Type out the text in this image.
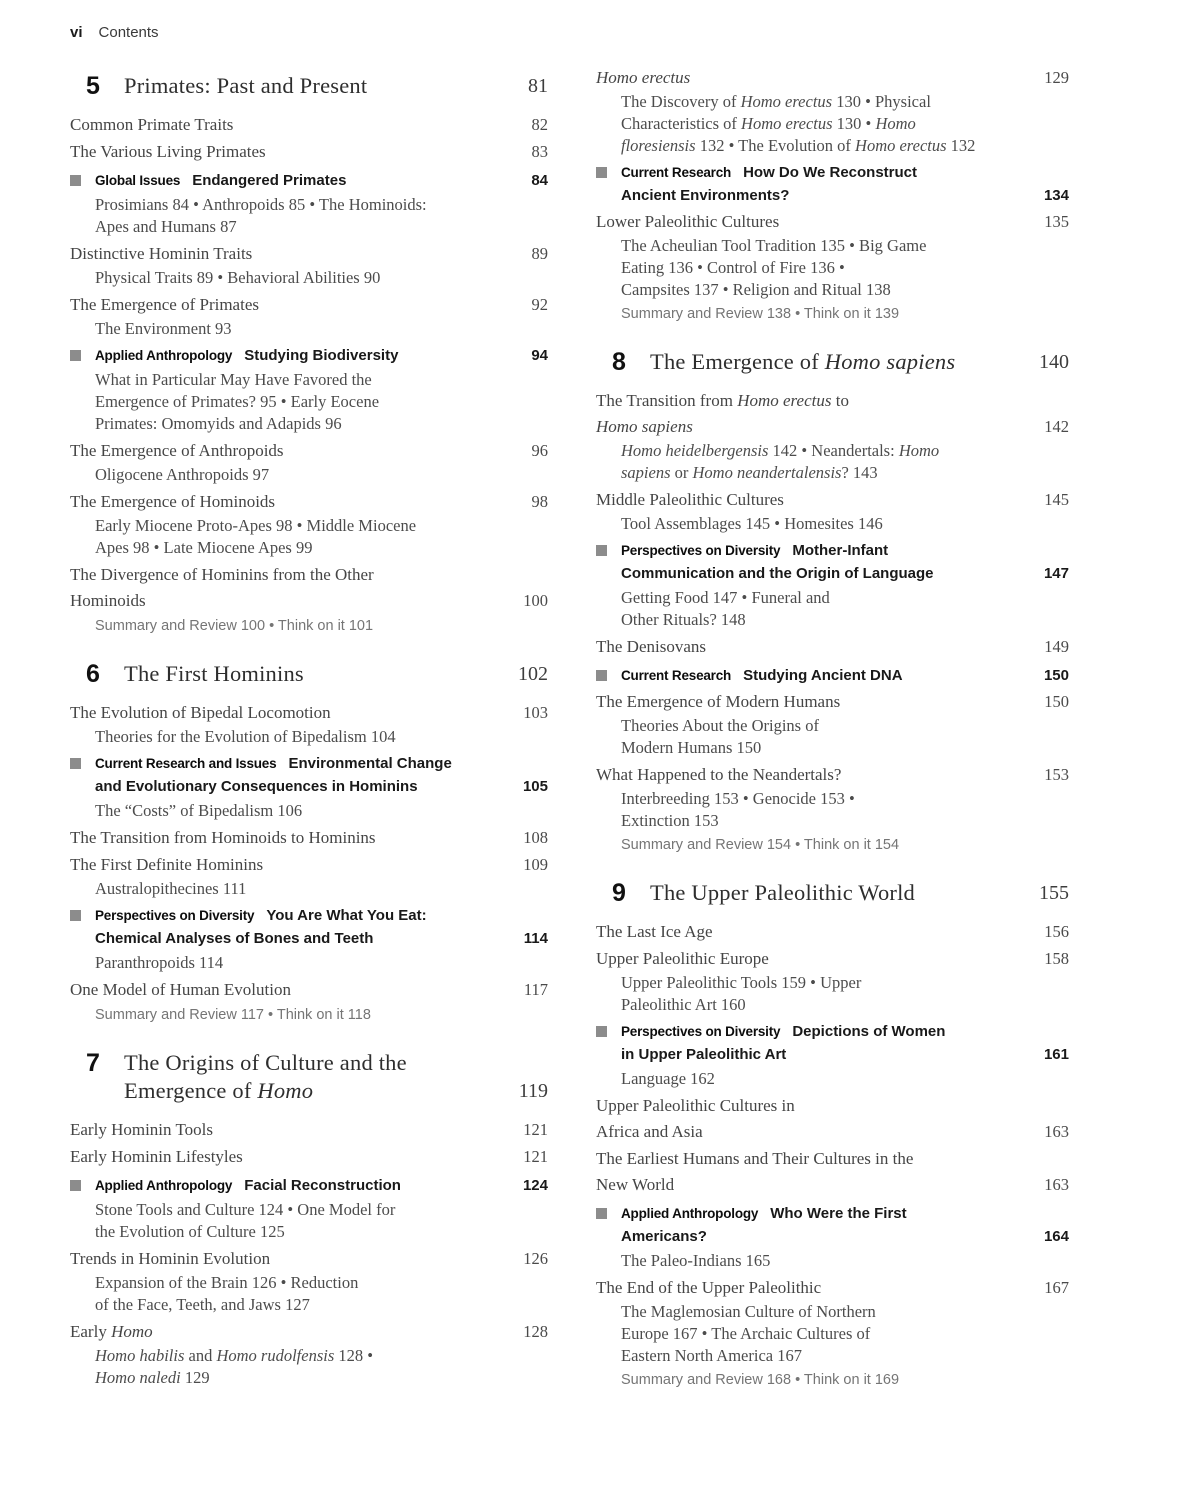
vi Contents
5	Primates: Past and Present	81
Common Primate Traits	82
The Various Living Primates	83
Global Issues Endangered Primates	84
Prosimians 84 • Anthropoids 85 • The Hominoids:
Apes and Humans 87
Distinctive Hominin Traits	89
Physical Traits 89 • Behavioral Abilities 90
The Emergence of Primates	92
The Environment 93
Applied Anthropology Studying Biodiversity	94
What in Particular May Have Favored the
Emergence of Primates? 95 • Early Eocene
Primates: Omomyids and Adapids 96
The Emergence of Anthropoids	96
Oligocene Anthropoids 97
The Emergence of Hominoids	98
Early Miocene Proto-Apes 98 • Middle Miocene
Apes 98 • Late Miocene Apes 99
The Divergence of Hominins from the Other
Hominoids	100
Summary and Review 100 • Think on it 101
6	The First Hominins	102
The Evolution of Bipedal Locomotion	103
Theories for the Evolution of Bipedalism 104
Current Research and Issues Environmental Change
and Evolutionary Consequences in Hominins	105
The “Costs” of Bipedalism 106
The Transition from Hominoids to Hominins	108
The First Definite Hominins	109
Australopithecines 111
Perspectives on Diversity You Are What You Eat:
Chemical Analyses of Bones and Teeth	114
Paranthropoids 114
One Model of Human Evolution	117
Summary and Review 117 • Think on it 118
7	The Origins of Culture and the
Emergence of Homo	119
Early Hominin Tools	121
Early Hominin Lifestyles	121
Applied Anthropology Facial Reconstruction	124
Stone Tools and Culture 124 • One Model for
the Evolution of Culture 125
Trends in Hominin Evolution	126
Expansion of the Brain 126 • Reduction
of the Face, Teeth, and Jaws 127
Early Homo	128
Homo habilis and Homo rudolfensis 128 •
Homo naledi 129
Homo erectus	129
The Discovery of Homo erectus 130 • Physical
Characteristics of Homo erectus 130 • Homo
floresiensis 132 • The Evolution of Homo erectus 132
Current Research How Do We Reconstruct
Ancient Environments?	134
Lower Paleolithic Cultures	135
The Acheulian Tool Tradition 135 • Big Game
Eating 136 • Control of Fire 136 •
Campsites 137 • Religion and Ritual 138
Summary and Review 138 • Think on it 139
8	The Emergence of Homo sapiens	140
The Transition from Homo erectus to
Homo sapiens	142
Homo heidelbergensis 142 • Neandertals: Homo
sapiens or Homo neandertalensis? 143
Middle Paleolithic Cultures	145
Tool Assemblages 145 • Homesites 146
Perspectives on Diversity Mother-Infant
Communication and the Origin of Language	147
Getting Food 147 • Funeral and
Other Rituals? 148
The Denisovans	149
Current Research Studying Ancient DNA	150
The Emergence of Modern Humans	150
Theories About the Origins of
Modern Humans 150
What Happened to the Neandertals?	153
Interbreeding 153 • Genocide 153 •
Extinction 153
Summary and Review 154 • Think on it 154
9	The Upper Paleolithic World	155
The Last Ice Age	156
Upper Paleolithic Europe	158
Upper Paleolithic Tools 159 • Upper
Paleolithic Art 160
Perspectives on Diversity Depictions of Women
in Upper Paleolithic Art	161
Language 162
Upper Paleolithic Cultures in
Africa and Asia	163
The Earliest Humans and Their Cultures in the
New World	163
Applied Anthropology Who Were the First
Americans?	164
The Paleo-Indians 165
The End of the Upper Paleolithic	167
The Maglemosian Culture of Northern
Europe 167 • The Archaic Cultures of
Eastern North America 167
Summary and Review 168 • Think on it 169
